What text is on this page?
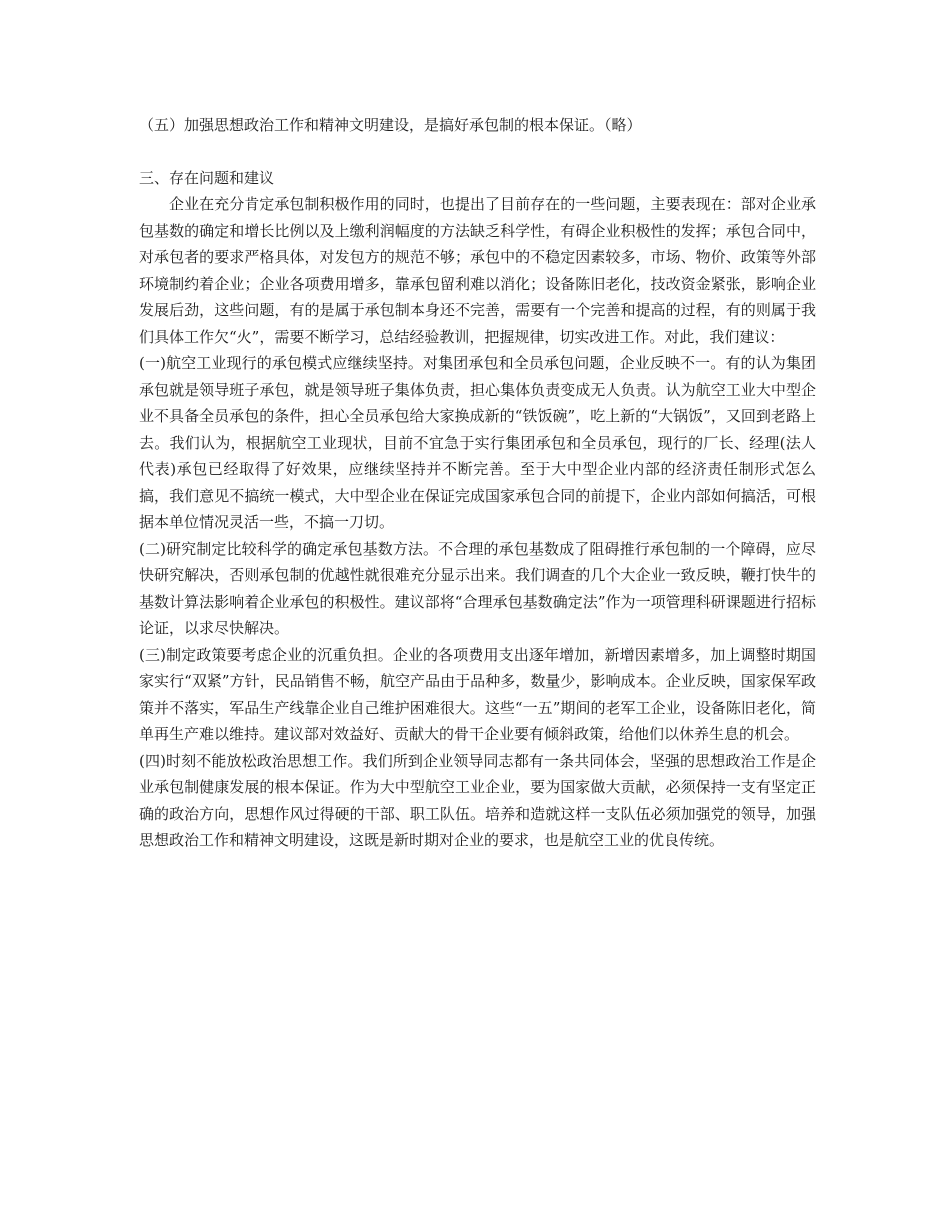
（五）加强思想政治工作和精神文明建设，是搞好承包制的根本保证。（略）

三、存在问题和建议

企业在充分肯定承包制积极作用的同时，也提出了目前存在的一些问题，主要表现在：部对企业承包基数的确定和增长比例以及上缴利润幅度的方法缺乏科学性，有碍企业积极性的发挥；承包合同中，对承包者的要求严格具体，对发包方的规范不够；承包中的不稳定因素较多，市场、物价、政策等外部环境制约着企业；企业各项费用增多，靠承包留利难以消化；设备陈旧老化，技改资金紧张，影响企业发展后劲，这些问题，有的是属于承包制本身还不完善，需要有一个完善和提高的过程，有的则属于我们具体工作欠“火”，需要不断学习，总结经验教训，把握规律，切实改进工作。对此，我们建议：

(一)航空工业现行的承包模式应继续坚持。对集团承包和全员承包问题，企业反映不一。有的认为集团承包就是领导班子承包，就是领导班子集体负责，担心集体负责变成无人负责。认为航空工业大中型企业不具备全员承包的条件，担心全员承包给大家换成新的“铁饭碗”，吃上新的“大锅饭”，又回到老路上去。我们认为，根据航空工业现状，目前不宜急于实行集团承包和全员承包，现行的厂长、经理(法人代表)承包已经取得了好效果，应继续坚持并不断完善。至于大中型企业内部的经济责任制形式怎么搞，我们意见不搞统一模式，大中型企业在保证完成国家承包合同的前提下，企业内部如何搞活，可根据本单位情况灵活一些，不搞一刀切。

(二)研究制定比较科学的确定承包基数方法。不合理的承包基数成了阻碍推行承包制的一个障碍，应尽快研究解决，否则承包制的优越性就很难充分显示出来。我们调查的几个大企业一致反映，鞭打快牛的基数计算法影响着企业承包的积极性。建议部将“合理承包基数确定法”作为一项管理科研课题进行招标论证，以求尽快解决。

(三)制定政策要考虑企业的沉重负担。企业的各项费用支出逐年增加，新增因素增多，加上调整时期国家实行“双紧”方针，民品销售不畅，航空产品由于品种多，数量少，影响成本。企业反映，国家保军政策并不落实，军品生产线靠企业自己维护困难很大。这些“一五”期间的老军工企业，设备陈旧老化，简单再生产难以维持。建议部对效益好、贡献大的骨干企业要有倾斜政策，给他们以休养生息的机会。

(四)时刻不能放松政治思想工作。我们所到企业领导同志都有一条共同体会，坚强的思想政治工作是企业承包制健康发展的根本保证。作为大中型航空工业企业，要为国家做大贡献，必须保持一支有坚定正确的政治方向，思想作风过得硬的干部、职工队伍。培养和造就这样一支队伍必须加强党的领导，加强思想政治工作和精神文明建设，这既是新时期对企业的要求，也是航空工业的优良传统。
